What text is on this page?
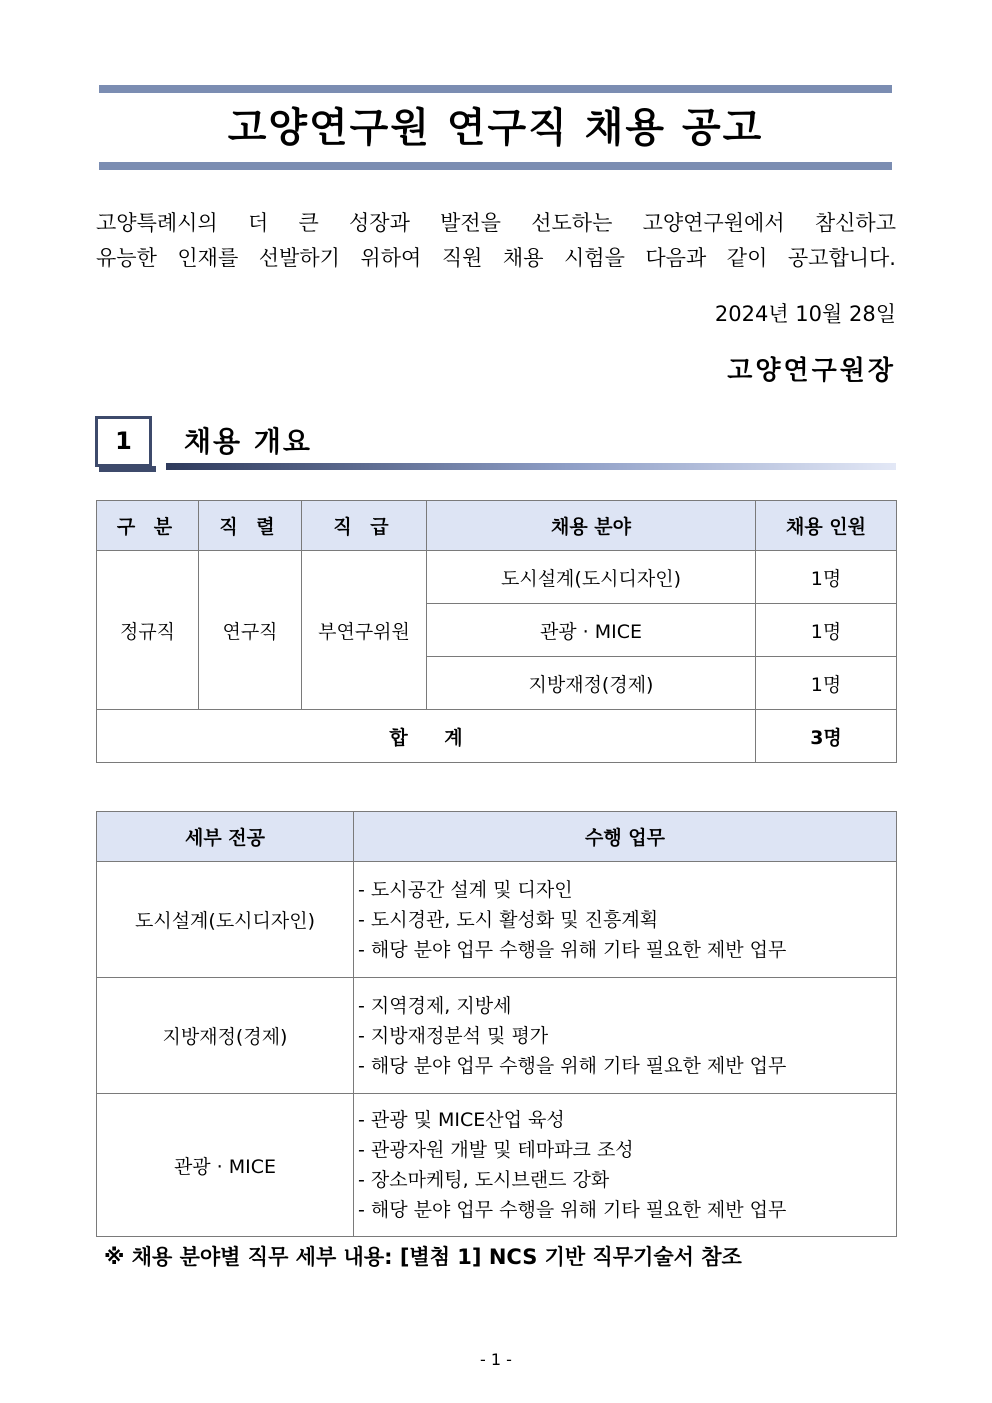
고양연구원 연구직 채용 공고

고양특례시의 더 큰 성장과 발전을 선도하는 고양연구원에서 참신하고
유능한 인재를 선발하기 위하여 직원 채용 시험을 다음과 같이 공고합니다.

2024년 10월 28일
고양연구원장
1	채용 개요
구 분	직 렬	직 급	채용 분야	채용 인원
정규직	연구직	부연구위원	도시설계(도시디자인)	1명
			관광 · MICE	1명
			지방재정(경제)	1명
합 계				3명
세부 전공	수행 업무
도시설계(도시디자인)	- 도시공간 설계 및 디자인
- 도시경관, 도시 활성화 및 진흥계획
- 해당 분야 업무 수행을 위해 기타 필요한 제반 업무

지방재정(경제)	- 지역경제, 지방세
- 지방재정분석 및 평가
- 해당 분야 업무 수행을 위해 기타 필요한 제반 업무

관광 · MICE	- 관광 및 MICE산업 육성
- 관광자원 개발 및 테마파크 조성
- 장소마케팅, 도시브랜드 강화
- 해당 분야 업무 수행을 위해 기타 필요한 제반 업무
※ 채용 분야별 직무 세부 내용: [별첨 1] NCS 기반 직무기술서 참조
- 1 -
